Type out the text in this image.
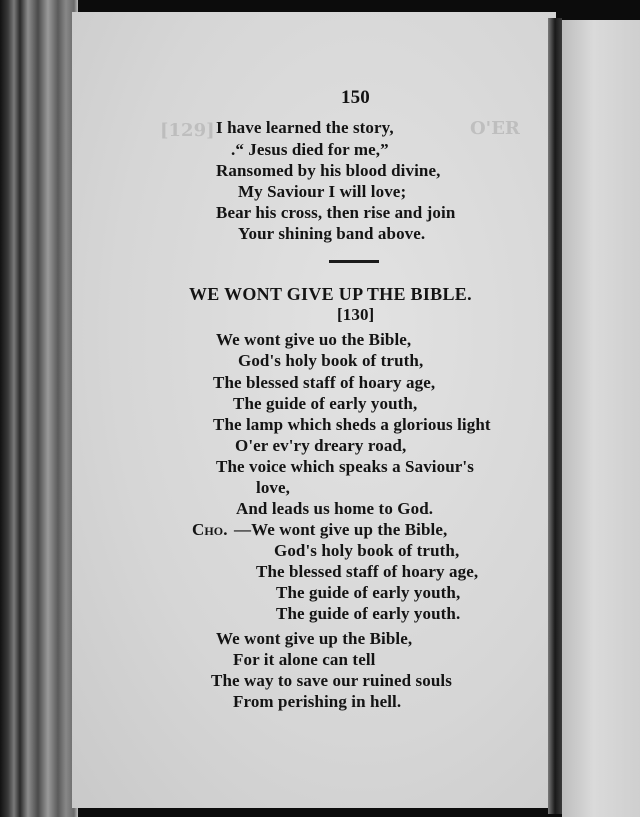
[129]	O'ER
150
I have learned the story,
.“ Jesus died for me,”
Ransomed by his blood divine,
My Saviour I will love;
Bear his cross, then rise and join
Your shining band above.
WE WONT GIVE UP THE BIBLE.
[130]
We wont give uo the Bible,
God's holy book of truth,
The blessed staff of hoary age,
The guide of early youth,
The lamp which sheds a glorious light
O'er ev'ry dreary road,
The voice which speaks a Saviour's
love,
And leads us home to God.
Cho. —We wont give up the Bible,
God's holy book of truth,
The blessed staff of hoary age,
The guide of early youth,
The guide of early youth.
We wont give up the Bible,
For it alone can tell
The way to save our ruined souls
From perishing in hell.
